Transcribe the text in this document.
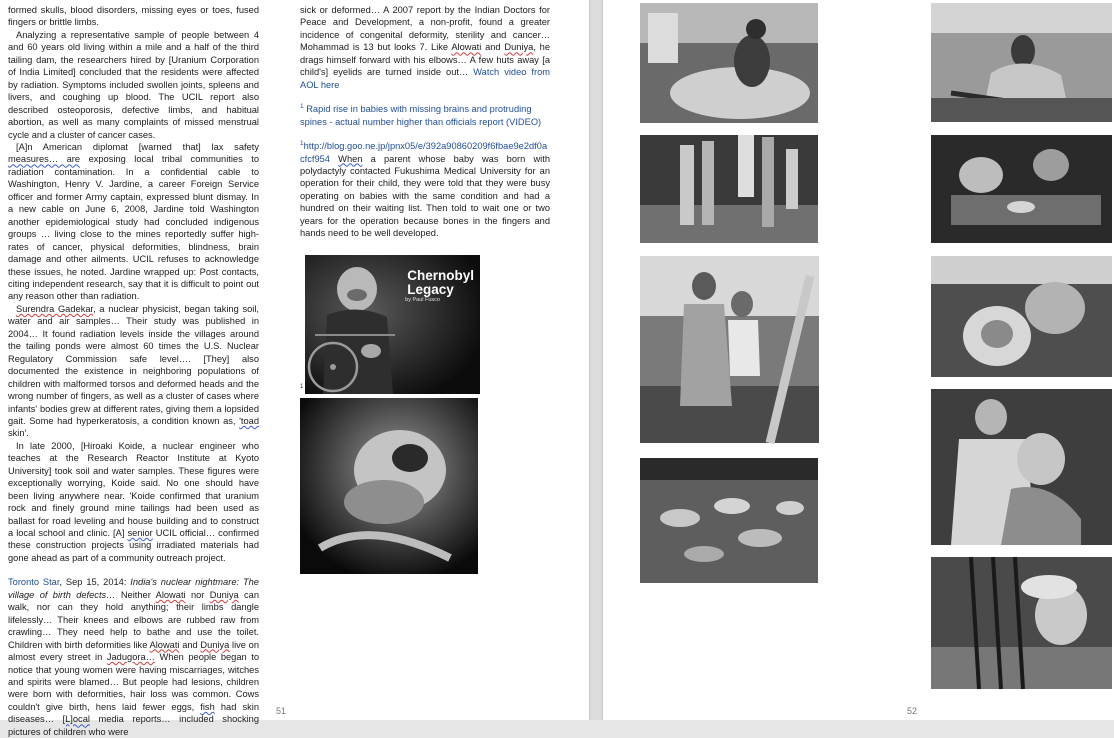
formed skulls, blood disorders, missing eyes or toes, fused fingers or brittle limbs.

Analyzing a representative sample of people between 4 and 60 years old living within a mile and a half of the third tailing dam, the researchers hired by [Uranium Corporation of India Limited] concluded that the residents were affected by radiation. Symptoms included swollen joints, spleens and livers, and coughing up blood. The UCIL report also described osteoporosis, defective limbs, and habitual abortion, as well as many complaints of missed menstrual cycle and a cluster of cancer cases.

[A]n American diplomat [warned that] lax safety measures… are exposing local tribal communities to radiation contamination. In a confidential cable to Washington, Henry V. Jardine, a career Foreign Service officer and former Army captain, expressed blunt dismay. In a new cable on June 6, 2008, Jardine told Washington another epidemiological study had concluded indigenous groups … living close to the mines reportedly suffer high-rates of cancer, physical deformities, blindness, brain damage and other ailments. UCIL refuses to acknowledge these issues, he noted. Jardine wrapped up: Post contacts, citing independent research, say that it is difficult to point out any reason other than radiation.

Surendra Gadekar, a nuclear physicist, began taking soil, water and air samples… Their study was published in 2004… It found radiation levels inside the villages around the tailing ponds were almost 60 times the U.S. Nuclear Regulatory Commission safe level…. [They] also documented the existence in neighboring populations of children with malformed torsos and deformed heads and the wrong number of fingers, as well as a cluster of cases where infants' bodies grew at different rates, giving them a lopsided gait. Some had hyperkeratosis, a condition known as, 'toad skin'.

In late 2000, [Hiroaki Koide, a nuclear engineer who teaches at the Research Reactor Institute at Kyoto University] took soil and water samples. These figures were exceptionally worrying, Koide said. No one should have been living anywhere near. 'Koide confirmed that uranium rock and finely ground mine tailings had been used as ballast for road leveling and house building and to construct a local school and clinic. [A] senior UCIL official… confirmed these construction projects using irradiated materials had gone ahead as part of a community outreach project.

Toronto Star, Sep 15, 2014: India's nuclear nightmare: The village of birth defects… Neither Alowati nor Duniya can walk, nor can they hold anything; their limbs dangle lifelessly… Their knees and elbows are rubbed raw from crawling… They need help to bathe and use the toilet. Children with birth deformities like Alowati and Duniya live on almost every street in Jadugora… When people began to notice that young women were having miscarriages, witches and spirits were blamed… But people had lesions, children were born with deformities, hair loss was common. Cows couldn't give birth, hens laid fewer eggs, fish had skin diseases… [L]ocal media reports… included shocking pictures of children who were

sick or deformed… A 2007 report by the Indian Doctors for Peace and Development, a non-profit, found a greater incidence of congenital deformity, sterility and cancer… Mohammad is 13 but looks 7. Like Alowati and Duniya, he drags himself forward with his elbows… A few huts away [a child's] eyelids are turned inside out… Watch video from AOL here

$^1$ Rapid rise in babies with missing brains and protruding spines - actual number higher than officials report (VIDEO)

$^1$http://blog.goo.ne.jp/jpnx05/e/392a90860209f6fbae9e2df0acfcf954 When a parent whose baby was born with polydactyly contacted Fukushima Medical University for an operation for their child, they were told that they were busy operating on babies with the same condition and had a hundred on their waiting list. Then told to wait one or two years for the operation because bones in the fingers and hands need to be well developed.

Chernobyl
Legacy
by Paul Fusco
1
51	52
